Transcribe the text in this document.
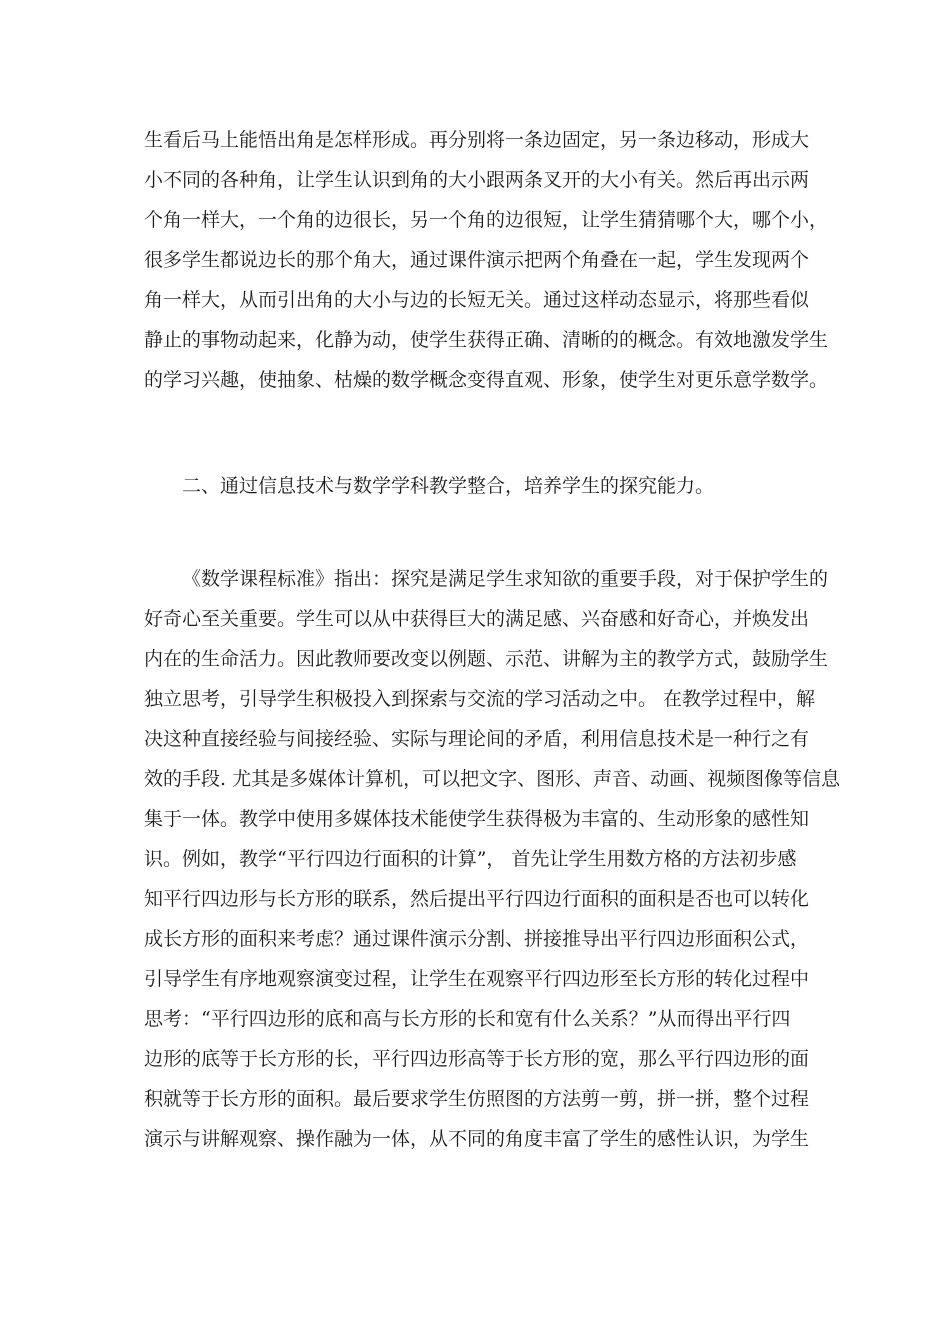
生看后马上能悟出角是怎样形成。再分别将一条边固定，另一条边移动，形成大
小不同的各种角，让学生认识到角的大小跟两条叉开的大小有关。然后再出示两
个角一样大，一个角的边很长，另一个角的边很短，让学生猜猜哪个大，哪个小，
很多学生都说边长的那个角大，通过课件演示把两个角叠在一起，学生发现两个
角一样大，从而引出角的大小与边的长短无关。通过这样动态显示，将那些看似
静止的事物动起来，化静为动，使学生获得正确、清晰的的概念。有效地激发学生
的学习兴趣，使抽象、枯燥的数学概念变得直观、形象，使学生对更乐意学数学。
二、通过信息技术与数学学科教学整合，培养学生的探究能力。
《数学课程标准》指出：探究是满足学生求知欲的重要手段，对于保护学生的
好奇心至关重要。学生可以从中获得巨大的满足感、兴奋感和好奇心，并焕发出
内在的生命活力。因此教师要改变以例题、示范、讲解为主的教学方式，鼓励学生
独立思考，引导学生积极投入到探索与交流的学习活动之中。 在教学过程中，解
决这种直接经验与间接经验、实际与理论间的矛盾，利用信息技术是一种行之有
效的手段. 尤其是多媒体计算机，可以把文字、图形、声音、动画、视频图像等信息
集于一体。教学中使用多媒体技术能使学生获得极为丰富的、生动形象的感性知
识。例如，教学“平行四边行面积的计算”， 首先让学生用数方格的方法初步感
知平行四边形与长方形的联系，然后提出平行四边行面积的面积是否也可以转化
成长方形的面积来考虑？通过课件演示分割、拼接推导出平行四边形面积公式，
引导学生有序地观察演变过程，让学生在观察平行四边形至长方形的转化过程中
思考：“平行四边形的底和高与长方形的长和宽有什么关系？”从而得出平行四
边形的底等于长方形的长，平行四边形高等于长方形的宽，那么平行四边形的面
积就等于长方形的面积。最后要求学生仿照图的方法剪一剪，拼一拼，整个过程
演示与讲解观察、操作融为一体，从不同的角度丰富了学生的感性认识，为学生
